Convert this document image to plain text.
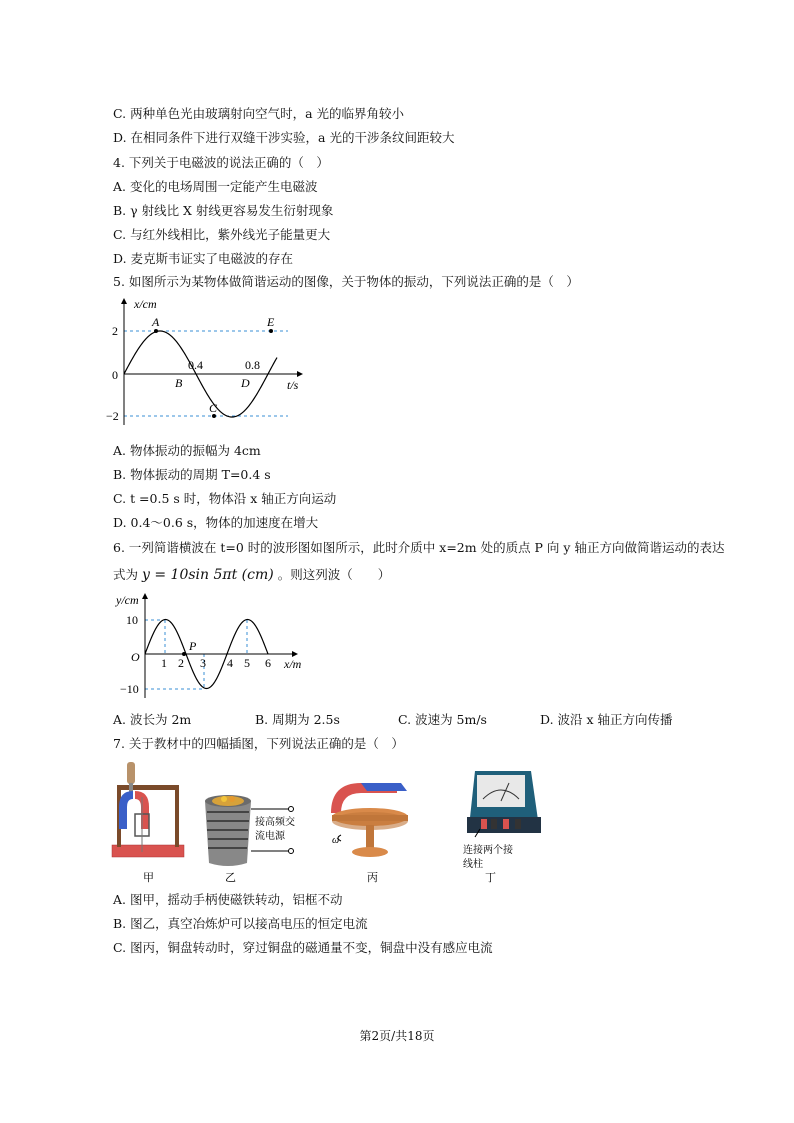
C. 两种单色光由玻璃射向空气时，a 光的临界角较小
D. 在相同条件下进行双缝干涉实验，a 光的干涉条纹间距较大
4. 下列关于电磁波的说法正确的（　）
A. 变化的电场周围一定能产生电磁波
B. γ 射线比 X 射线更容易发生衍射现象
C. 与红外线相比，紫外线光子能量更大
D. 麦克斯韦证实了电磁波的存在
5. 如图所示为某物体做简谐运动的图像，关于物体的振动，下列说法正确的是（　）
x/cm
t/s
2
0
−2
0.4	0.8
A
B
C
D
E
A. 物体振动的振幅为 4cm
B. 物体振动的周期 T=0.4 s
C. t =0.5 s 时，物体沿 x 轴正方向运动
D. 0.4～0.6 s，物体的加速度在增大
6. 一列简谐横波在 t=0 时的波形图如图所示，此时介质中 x=2m 处的质点 P 向 y 轴正方向做简谐运动的表达
式为 y = 10sin 5πt (cm) 。则这列波（　　）
y/cm
x/m
10
−10
O 1 2 3 4 5 6
P
A. 波长为 2m	B. 周期为 2.5s	C. 波速为 5m/s	D. 波沿 x 轴正方向传播
7. 关于教材中的四幅插图，下列说法正确的是（　）
甲
接高频交
流电源
乙
ω
丙
连接两个接
线柱
丁
A. 图甲，摇动手柄使磁铁转动，铝框不动
B. 图乙，真空冶炼炉可以接高电压的恒定电流
C. 图丙，铜盘转动时，穿过铜盘的磁通量不变，铜盘中没有感应电流
第2页/共18页
